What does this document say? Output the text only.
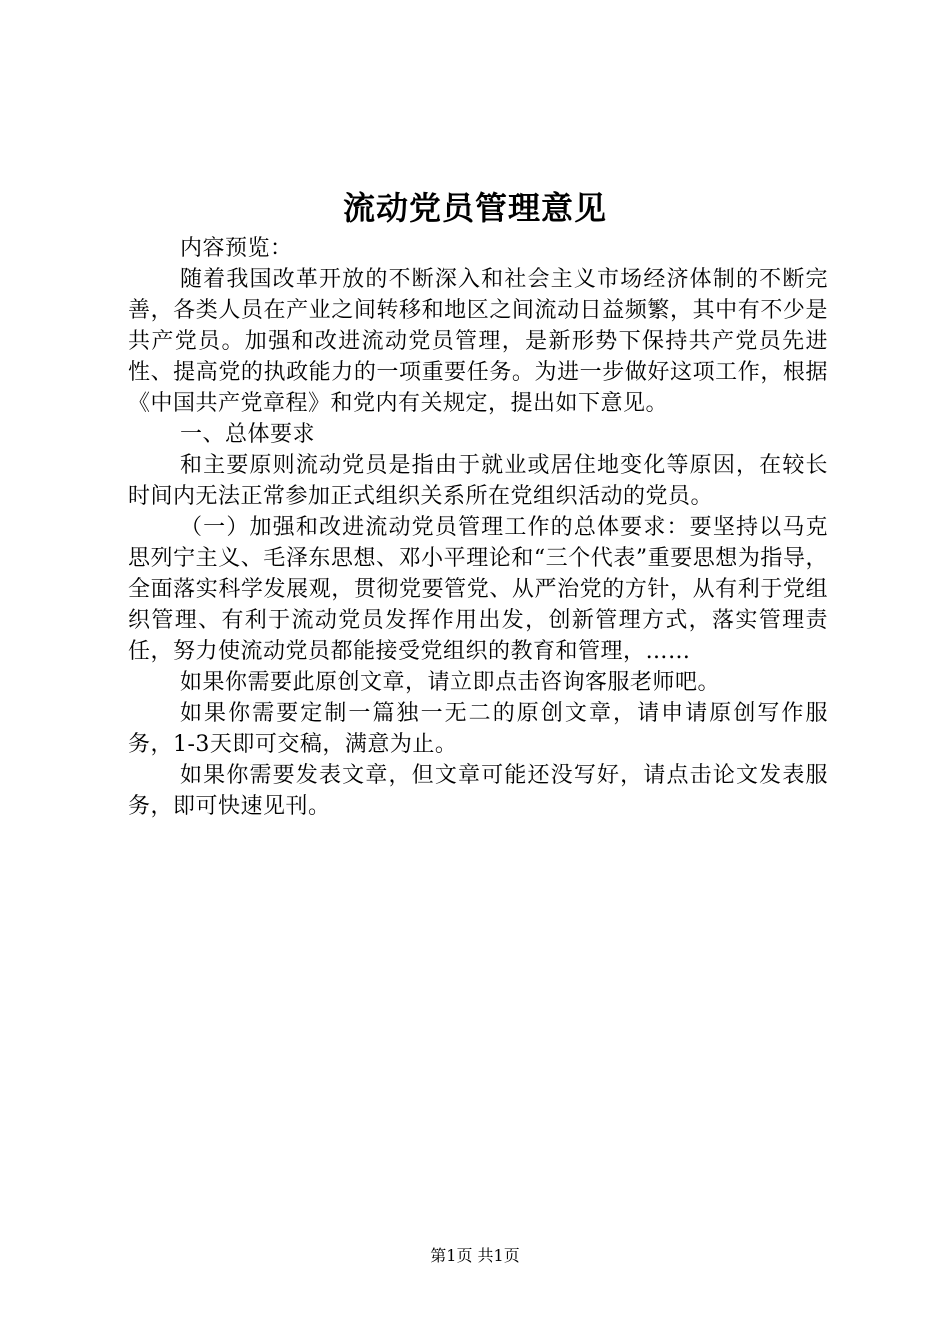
流动党员管理意见

内容预览：

随着我国改革开放的不断深入和社会主义市场经济体制的不断完善，各类人员在产业之间转移和地区之间流动日益频繁，其中有不少是共产党员。加强和改进流动党员管理，是新形势下保持共产党员先进性、提高党的执政能力的一项重要任务。为进一步做好这项工作，根据《中国共产党章程》和党内有关规定，提出如下意见。

一、总体要求

和主要原则流动党员是指由于就业或居住地变化等原因，在较长时间内无法正常参加正式组织关系所在党组织活动的党员。

（一）加强和改进流动党员管理工作的总体要求：要坚持以马克思列宁主义、毛泽东思想、邓小平理论和“三个代表”重要思想为指导，全面落实科学发展观，贯彻党要管党、从严治党的方针，从有利于党组织管理、有利于流动党员发挥作用出发，创新管理方式，落实管理责任，努力使流动党员都能接受党组织的教育和管理，……

如果你需要此原创文章，请立即点击咨询客服老师吧。

如果你需要定制一篇独一无二的原创文章，请申请原创写作服务，1-3天即可交稿，满意为止。

如果你需要发表文章，但文章可能还没写好，请点击论文发表服务，即可快速见刊。

第1页 共1页
